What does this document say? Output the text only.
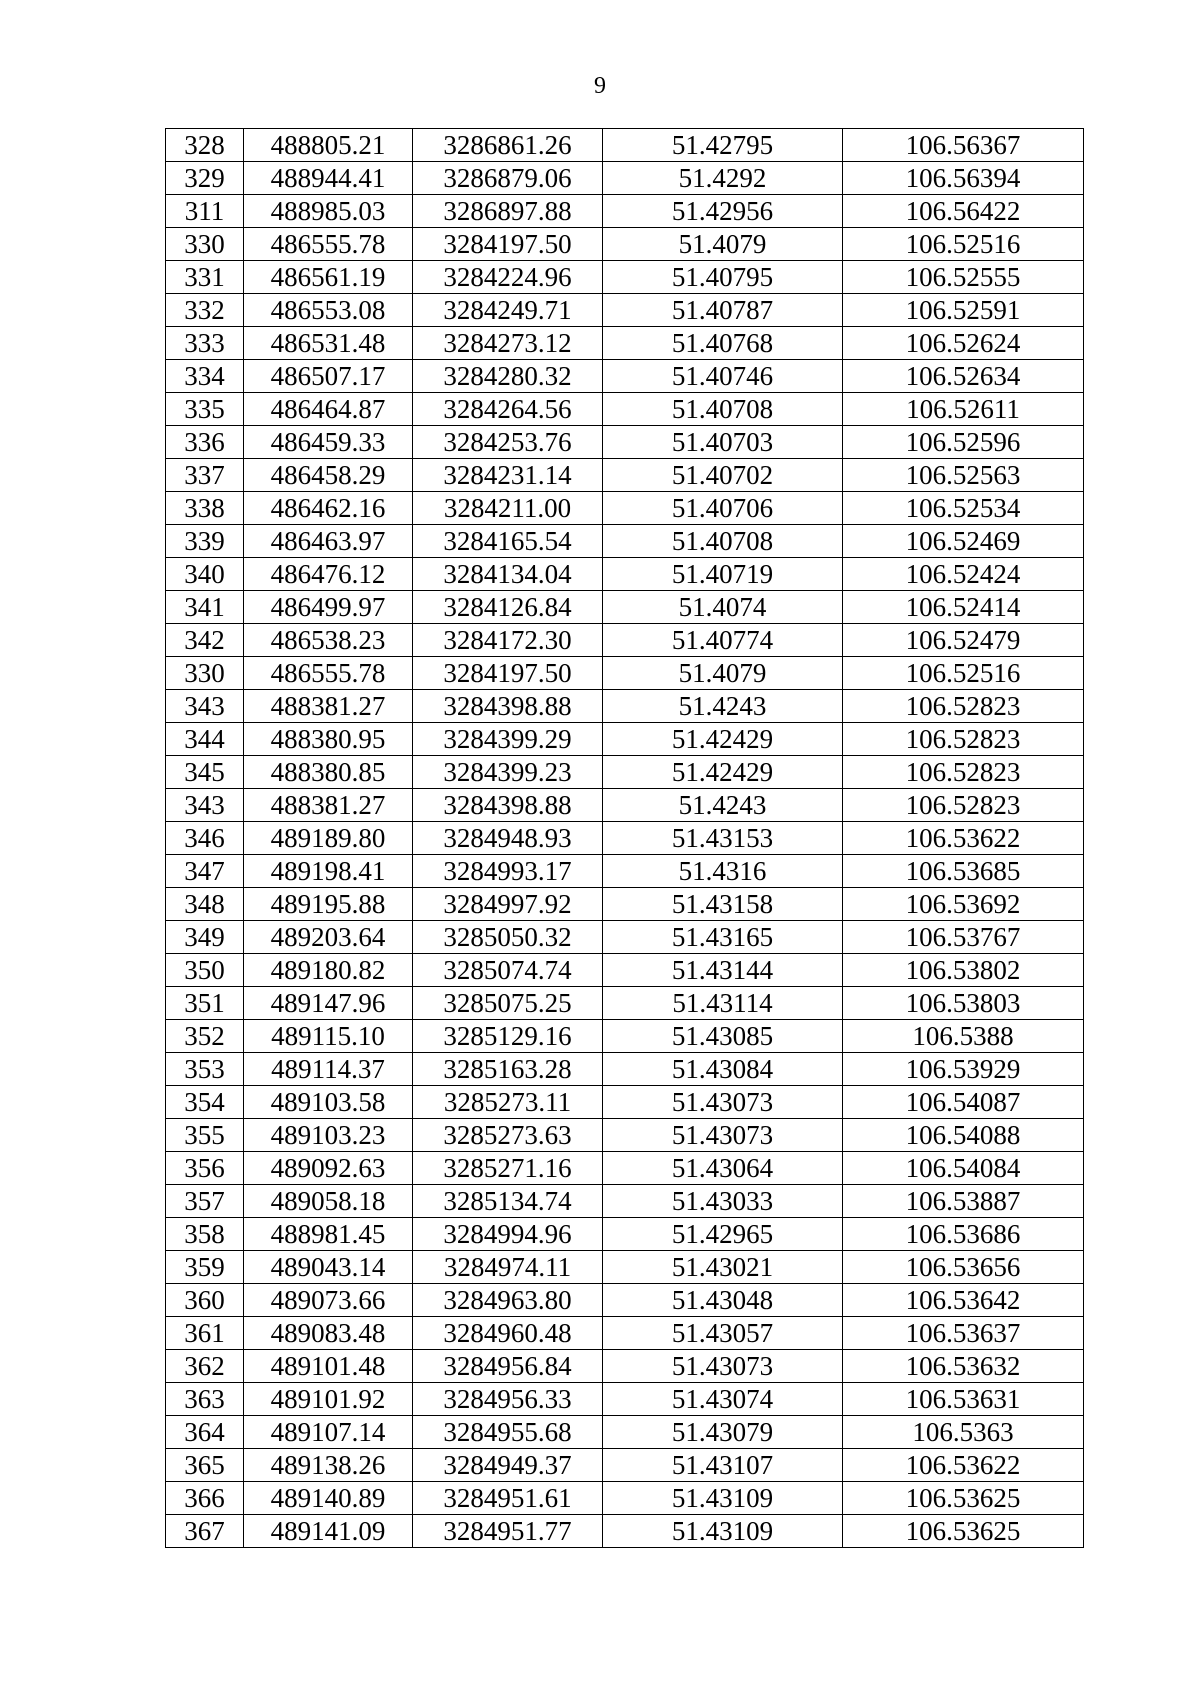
9
328	488805.21	3286861.26	51.42795	106.56367
329	488944.41	3286879.06	51.4292	106.56394
311	488985.03	3286897.88	51.42956	106.56422
330	486555.78	3284197.50	51.4079	106.52516
331	486561.19	3284224.96	51.40795	106.52555
332	486553.08	3284249.71	51.40787	106.52591
333	486531.48	3284273.12	51.40768	106.52624
334	486507.17	3284280.32	51.40746	106.52634
335	486464.87	3284264.56	51.40708	106.52611
336	486459.33	3284253.76	51.40703	106.52596
337	486458.29	3284231.14	51.40702	106.52563
338	486462.16	3284211.00	51.40706	106.52534
339	486463.97	3284165.54	51.40708	106.52469
340	486476.12	3284134.04	51.40719	106.52424
341	486499.97	3284126.84	51.4074	106.52414
342	486538.23	3284172.30	51.40774	106.52479
330	486555.78	3284197.50	51.4079	106.52516
343	488381.27	3284398.88	51.4243	106.52823
344	488380.95	3284399.29	51.42429	106.52823
345	488380.85	3284399.23	51.42429	106.52823
343	488381.27	3284398.88	51.4243	106.52823
346	489189.80	3284948.93	51.43153	106.53622
347	489198.41	3284993.17	51.4316	106.53685
348	489195.88	3284997.92	51.43158	106.53692
349	489203.64	3285050.32	51.43165	106.53767
350	489180.82	3285074.74	51.43144	106.53802
351	489147.96	3285075.25	51.43114	106.53803
352	489115.10	3285129.16	51.43085	106.5388
353	489114.37	3285163.28	51.43084	106.53929
354	489103.58	3285273.11	51.43073	106.54087
355	489103.23	3285273.63	51.43073	106.54088
356	489092.63	3285271.16	51.43064	106.54084
357	489058.18	3285134.74	51.43033	106.53887
358	488981.45	3284994.96	51.42965	106.53686
359	489043.14	3284974.11	51.43021	106.53656
360	489073.66	3284963.80	51.43048	106.53642
361	489083.48	3284960.48	51.43057	106.53637
362	489101.48	3284956.84	51.43073	106.53632
363	489101.92	3284956.33	51.43074	106.53631
364	489107.14	3284955.68	51.43079	106.5363
365	489138.26	3284949.37	51.43107	106.53622
366	489140.89	3284951.61	51.43109	106.53625
367	489141.09	3284951.77	51.43109	106.53625
